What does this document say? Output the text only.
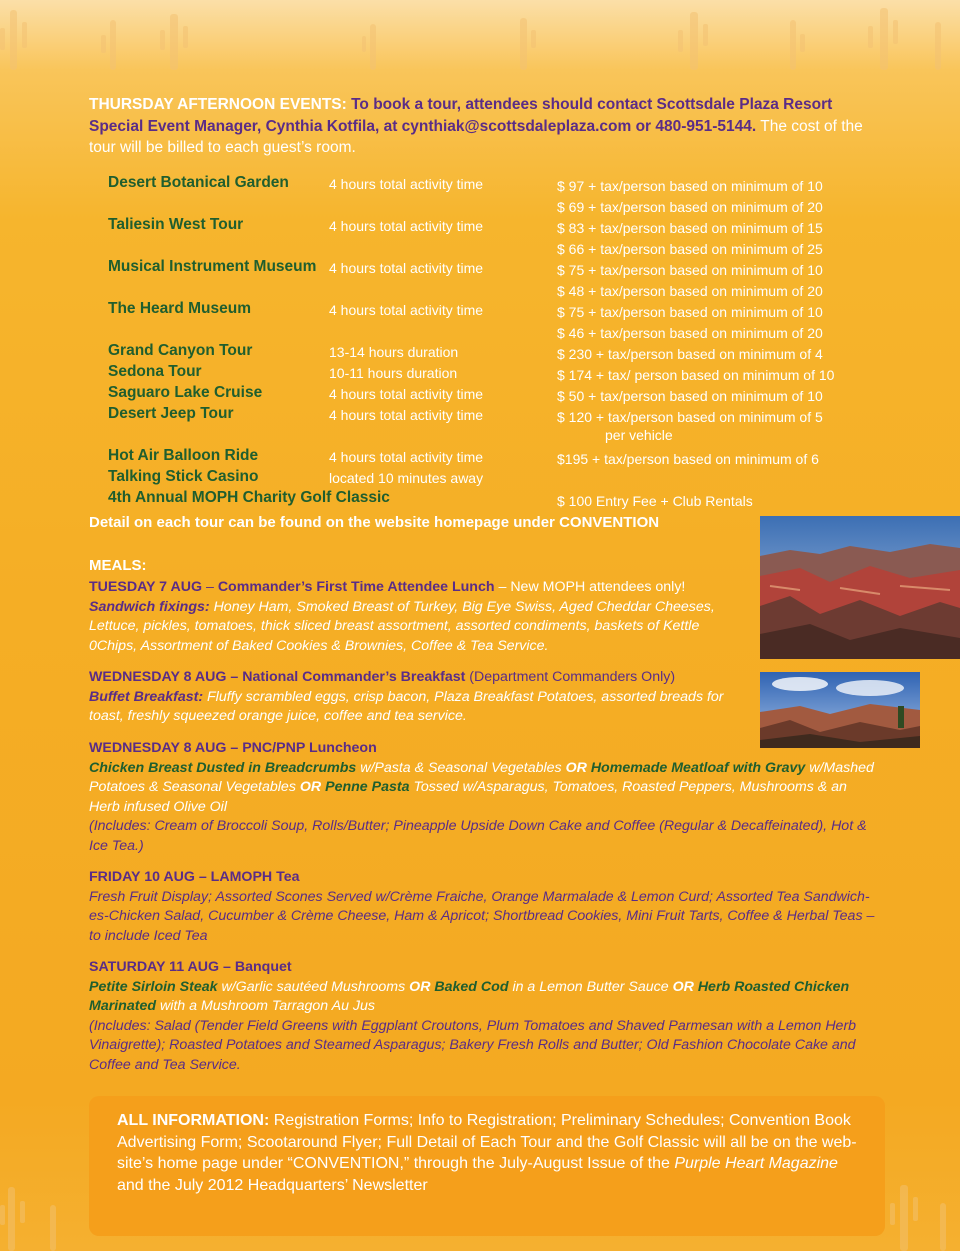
THURSDAY AFTERNOON EVENTS: To book a tour, attendees should contact Scottsdale Plaza Resort Special Event Manager, Cynthia Kotfila, at cynthiak@scottsdaleplaza.com or 480-951-5144. The cost of the tour will be billed to each guest’s room.
Desert Botanical Garden	4 hours total activity time	$ 97 + tax/person based on minimum of 10
$ 69 + tax/person based on minimum of 20
Taliesin West Tour	4 hours total activity time	$ 83 + tax/person based on minimum of 15
$ 66 + tax/person based on minimum of 25
Musical Instrument Museum 4 hours total activity time	$ 75 + tax/person based on minimum of 10
$ 48 + tax/person based on minimum of 20
The Heard Museum	4 hours total activity time	$ 75 + tax/person based on minimum of 10
$ 46 + tax/person based on minimum of 20
Grand Canyon Tour	13-14 hours duration	$ 230 + tax/person based on minimum of 4
Sedona Tour	10-11 hours duration	$ 174 + tax/ person based on minimum of 10
Saguaro Lake Cruise	4 hours total activity time	$ 50 + tax/person based on minimum of 10
Desert Jeep Tour	4 hours total activity time	$ 120 + tax/person based on minimum of 5
per vehicle
Hot Air Balloon Ride	4 hours total activity time	$195 + tax/person based on minimum of 6
Talking Stick Casino	located 10 minutes away
4th Annual MOPH Charity Golf Classic	$ 100 Entry Fee + Club Rentals
Detail on each tour can be found on the website homepage under CONVENTION
MEALS:
TUESDAY 7 AUG – Commander’s First Time Attendee Lunch – New MOPH attendees only!
Sandwich fixings: Honey Ham, Smoked Breast of Turkey, Big Eye Swiss, Aged Cheddar Cheeses, Lettuce, pickles, tomatoes, thick sliced breast assortment, assorted condiments, baskets of Kettle 0Chips, Assortment of Baked Cookies & Brownies, Coffee & Tea Service.
WEDNESDAY 8 AUG – National Commander’s Breakfast (Department Commanders Only)
Buffet Breakfast: Fluffy scrambled eggs, crisp bacon, Plaza Breakfast Potatoes, assorted breads for toast, freshly squeezed orange juice, coffee and tea service.
WEDNESDAY 8 AUG – PNC/PNP Luncheon
Chicken Breast Dusted in Breadcrumbs w/Pasta & Seasonal Vegetables OR Homemade Meatloaf with Gravy w/Mashed Potatoes & Seasonal Vegetables OR Penne Pasta Tossed w/Asparagus, Tomatoes, Roasted Peppers, Mushrooms & an Herb infused Olive Oil
(Includes: Cream of Broccoli Soup, Rolls/Butter; Pineapple Upside Down Cake and Coffee (Regular & Decaffeinated), Hot & Ice Tea.)
FRIDAY 10 AUG – LAMOPH Tea
Fresh Fruit Display; Assorted Scones Served w/Crème Fraiche, Orange Marmalade & Lemon Curd; Assorted Tea Sandwich-es-Chicken Salad, Cucumber & Crème Cheese, Ham & Apricot; Shortbread Cookies, Mini Fruit Tarts, Coffee & Herbal Teas – to include Iced Tea
SATURDAY 11 AUG – Banquet
Petite Sirloin Steak w/Garlic sautéed Mushrooms OR Baked Cod in a Lemon Butter Sauce OR Herb Roasted Chicken Marinated with a Mushroom Tarragon Au Jus
(Includes: Salad (Tender Field Greens with Eggplant Croutons, Plum Tomatoes and Shaved Parmesan with a Lemon Herb Vinaigrette); Roasted Potatoes and Steamed Asparagus; Bakery Fresh Rolls and Butter; Old Fashion Chocolate Cake and Coffee and Tea Service.
ALL INFORMATION: Registration Forms; Info to Registration; Preliminary Schedules; Convention Book Advertising Form; Scootaround Flyer; Full Detail of Each Tour and the Golf Classic will all be on the web-site’s home page under “CONVENTION,” through the July-August Issue of the Purple Heart Magazine and the July 2012 Headquarters’ Newsletter
